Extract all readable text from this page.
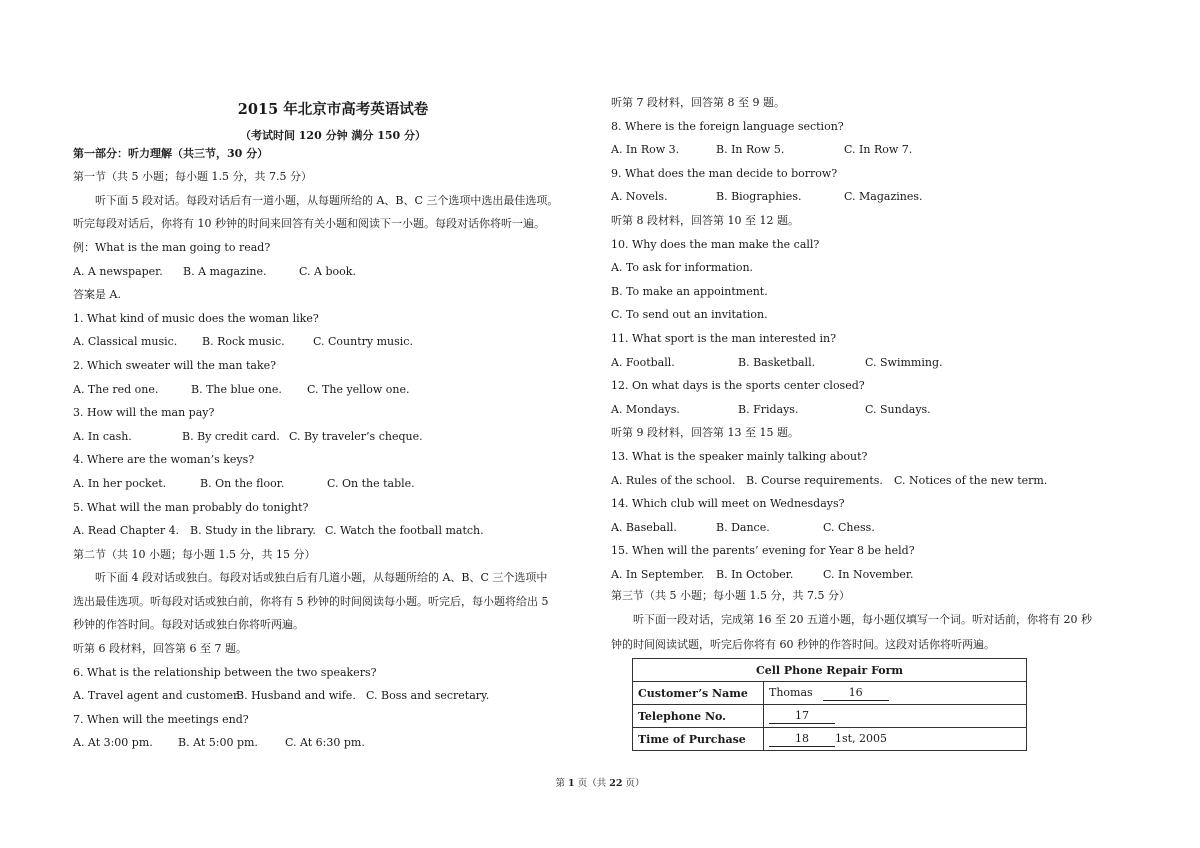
2015 年北京市高考英语试卷
（考试时间 120 分钟 满分 150 分）
第一部分：听力理解（共三节，30 分）
第一节（共 5 小题；每小题 1.5 分，共 7.5 分）
听下面 5 段对话。每段对话后有一道小题，从每题所给的 A、B、C 三个选项中选出最佳选项。
听完每段对话后，你将有 10 秒钟的时间来回答有关小题和阅读下一小题。每段对话你将听一遍。
例：What is the man going to read?
A. A newspaper. B. A magazine.	C. A book.
答案是 A.
1. What kind of music does the woman like?
A. Classical music. B. Rock music.	C. Country music.
2. Which sweater will the man take?
A. The red one.	B. The blue one. C. The yellow one.
3. How will the man pay?
A. In cash.	B. By credit card. C. By traveler’s cheque.
4. Where are the woman’s keys?
A. In her pocket.	B. On the floor.	C. On the table.
5. What will the man probably do tonight?
A. Read Chapter 4. B. Study in the library. C. Watch the football match.
第二节（共 10 小题；每小题 1.5 分，共 15 分）
听下面 4 段对话或独白。每段对话或独白后有几道小题，从每题所给的 A、B、C 三个选项中
选出最佳选项。听每段对话或独白前，你将有 5 秒钟的时间阅读每小题。听完后，每小题将给出 5
秒钟的作答时间。每段对话或独白你将听两遍。
听第 6 段材料，回答第 6 至 7 题。
6. What is the relationship between the two speakers?
A. Travel agent and customer.B. Husband and wife. C. Boss and secretary.
7. When will the meetings end?
A. At 3:00 pm. B. At 5:00 pm. C. At 6:30 pm.
听第 7 段材料，回答第 8 至 9 题。
8. Where is the foreign language section?
A. In Row 3.	B. In Row 5.	C. In Row 7.
9. What does the man decide to borrow?
A. Novels.	B. Biographies.	C. Magazines.
听第 8 段材料，回答第 10 至 12 题。
10. Why does the man make the call?
A. To ask for information.
B. To make an appointment.
C. To send out an invitation.
11. What sport is the man interested in?
A. Football.	B. Basketball.	C. Swimming.
12. On what days is the sports center closed?
A. Mondays.	B. Fridays.	C. Sundays.
听第 9 段材料，回答第 13 至 15 题。
13. What is the speaker mainly talking about?
A. Rules of the school. B. Course requirements. C. Notices of the new term.
14. Which club will meet on Wednesdays?
A. Baseball.	B. Dance.	C. Chess.
15. When will the parents’ evening for Year 8 be held?
A. In September. B. In October.	C. In November.
第三节（共 5 小题；每小题 1.5 分，共 7.5 分）
听下面一段对话，完成第 16 至 20 五道小题，每小题仅填写一个词。听对话前，你将有 20 秒
钟的时间阅读试题，听完后你将有 60 秒钟的作答时间。这段对话你将听两遍。
Cell Phone Repair Form	
Customer’s Name	Thomas 16
Telephone No.	17
Time of Purchase	18 1st, 2005
第 1 页（共 22 页）
